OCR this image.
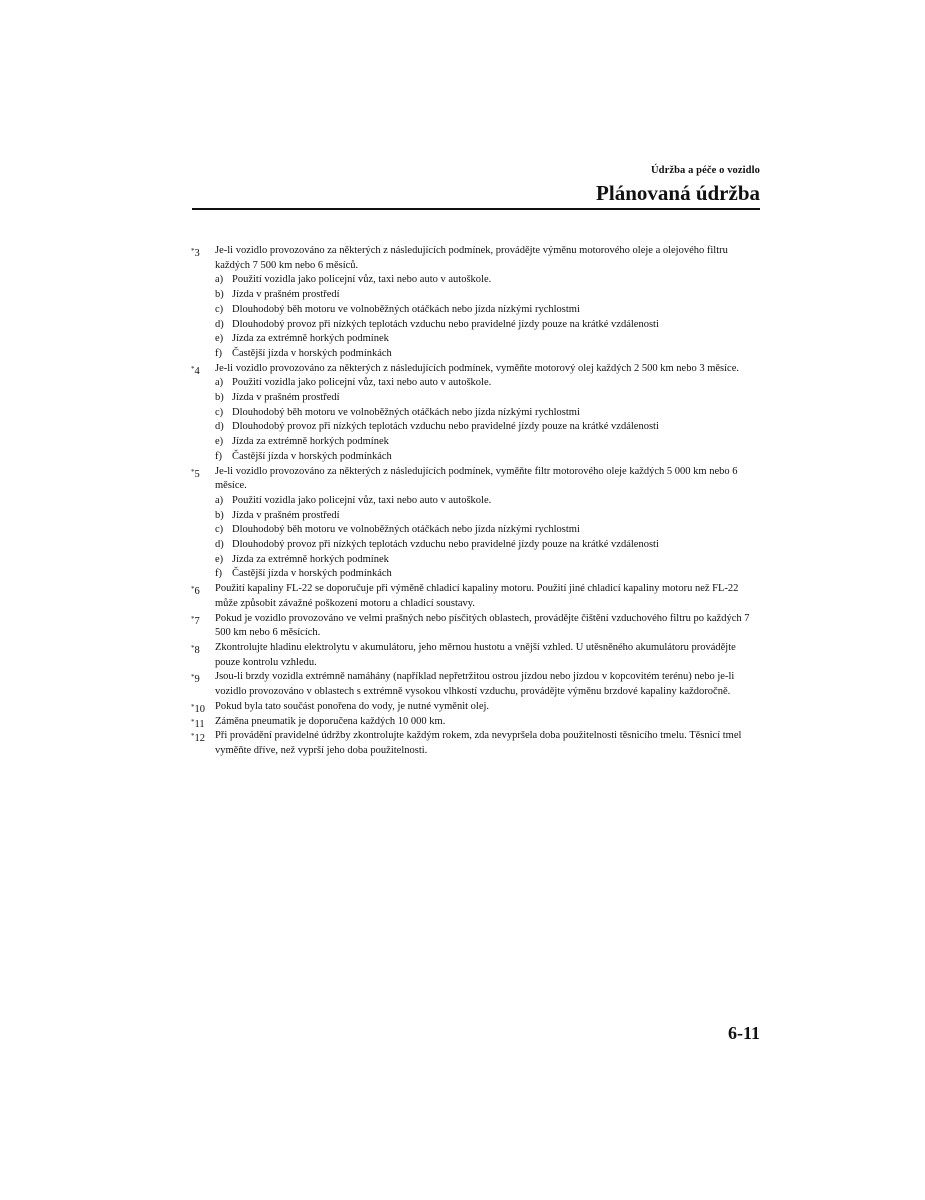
Údržba a péče o vozidlo
Plánovaná údržba
*3 Je-li vozidlo provozováno za některých z následujících podmínek, provádějte výměnu motorového oleje a olejového filtru každých 7 500 km nebo 6 měsíců.
a) Použití vozidla jako policejní vůz, taxi nebo auto v autoškole.
b) Jízda v prašném prostředí
c) Dlouhodobý běh motoru ve volnoběžných otáčkách nebo jízda nízkými rychlostmi
d) Dlouhodobý provoz při nízkých teplotách vzduchu nebo pravidelné jízdy pouze na krátké vzdálenosti
e) Jízda za extrémně horkých podmínek
f) Častější jízda v horských podmínkách
*4 Je-li vozidlo provozováno za některých z následujících podmínek, vyměňte motorový olej každých 2 500 km nebo 3 měsíce.
a) Použití vozidla jako policejní vůz, taxi nebo auto v autoškole.
b) Jízda v prašném prostředí
c) Dlouhodobý běh motoru ve volnoběžných otáčkách nebo jízda nízkými rychlostmi
d) Dlouhodobý provoz při nízkých teplotách vzduchu nebo pravidelné jízdy pouze na krátké vzdálenosti
e) Jízda za extrémně horkých podmínek
f) Častější jízda v horských podmínkách
*5 Je-li vozidlo provozováno za některých z následujících podmínek, vyměňte filtr motorového oleje každých 5 000 km nebo 6 měsíce.
a) Použití vozidla jako policejní vůz, taxi nebo auto v autoškole.
b) Jízda v prašném prostředí
c) Dlouhodobý běh motoru ve volnoběžných otáčkách nebo jízda nízkými rychlostmi
d) Dlouhodobý provoz při nízkých teplotách vzduchu nebo pravidelné jízdy pouze na krátké vzdálenosti
e) Jízda za extrémně horkých podmínek
f) Častější jízda v horských podmínkách
*6 Použití kapaliny FL-22 se doporučuje při výměně chladicí kapaliny motoru. Použití jiné chladicí kapaliny motoru než FL-22 může způsobit závažné poškození motoru a chladicí soustavy.
*7 Pokud je vozidlo provozováno ve velmi prašných nebo písčitých oblastech, provádějte čištění vzduchového filtru po každých 7 500 km nebo 6 měsících.
*8 Zkontrolujte hladinu elektrolytu v akumulátoru, jeho měrnou hustotu a vnější vzhled. U utěsněného akumulátoru provádějte pouze kontrolu vzhledu.
*9 Jsou-li brzdy vozidla extrémně namáhány (například nepřetržitou ostrou jízdou nebo jízdou v kopcovitém terénu) nebo je-li vozidlo provozováno v oblastech s extrémně vysokou vlhkostí vzduchu, provádějte výměnu brzdové kapaliny každoročně.
*10 Pokud byla tato součást ponořena do vody, je nutné vyměnit olej.
*11 Záměna pneumatik je doporučena každých 10 000 km.
*12 Při provádění pravidelné údržby zkontrolujte každým rokem, zda nevypršela doba použitelnosti těsnicího tmelu. Těsnicí tmel vyměňte dříve, než vyprší jeho doba použitelnosti.
6-11
